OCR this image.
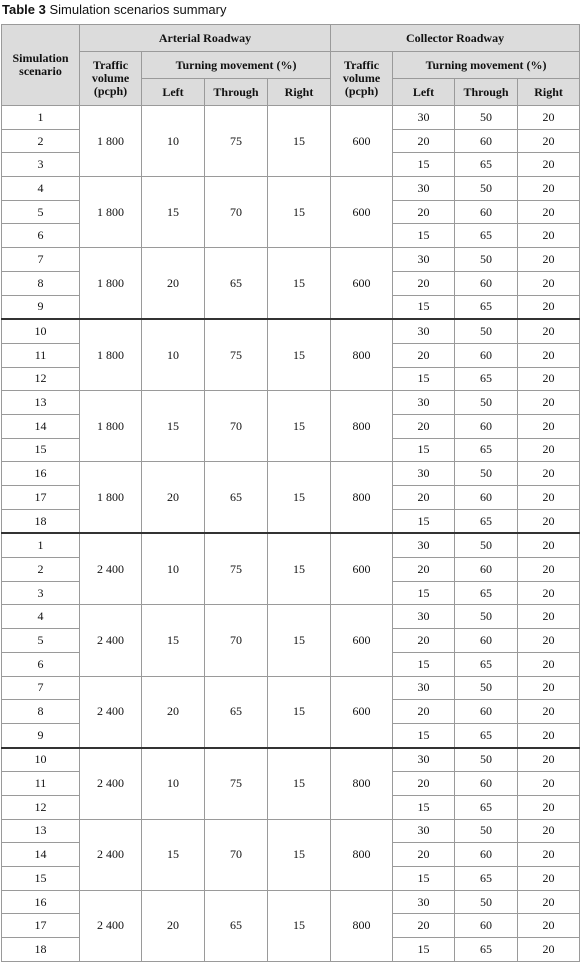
Table 3 Simulation scenarios summary
Simulation scenario	Arterial Roadway				Collector Roadway			
	Traffic volume (pcph)	Turning movement (%)			Traffic volume (pcph)	Turning movement (%)		
		Left	Through	Right		Left	Through	Right
1	1 800	10	75	15	600	30	50	20
2						20	60	20
3						15	65	20
4	1 800	15	70	15	600	30	50	20
5						20	60	20
6						15	65	20
7	1 800	20	65	15	600	30	50	20
8						20	60	20
9						15	65	20
10	1 800	10	75	15	800	30	50	20
11						20	60	20
12						15	65	20
13	1 800	15	70	15	800	30	50	20
14						20	60	20
15						15	65	20
16	1 800	20	65	15	800	30	50	20
17						20	60	20
18						15	65	20
1	2 400	10	75	15	600	30	50	20
2						20	60	20
3						15	65	20
4	2 400	15	70	15	600	30	50	20
5						20	60	20
6						15	65	20
7	2 400	20	65	15	600	30	50	20
8						20	60	20
9						15	65	20
10	2 400	10	75	15	800	30	50	20
11						20	60	20
12						15	65	20
13	2 400	15	70	15	800	30	50	20
14						20	60	20
15						15	65	20
16	2 400	20	65	15	800	30	50	20
17						20	60	20
18						15	65	20
